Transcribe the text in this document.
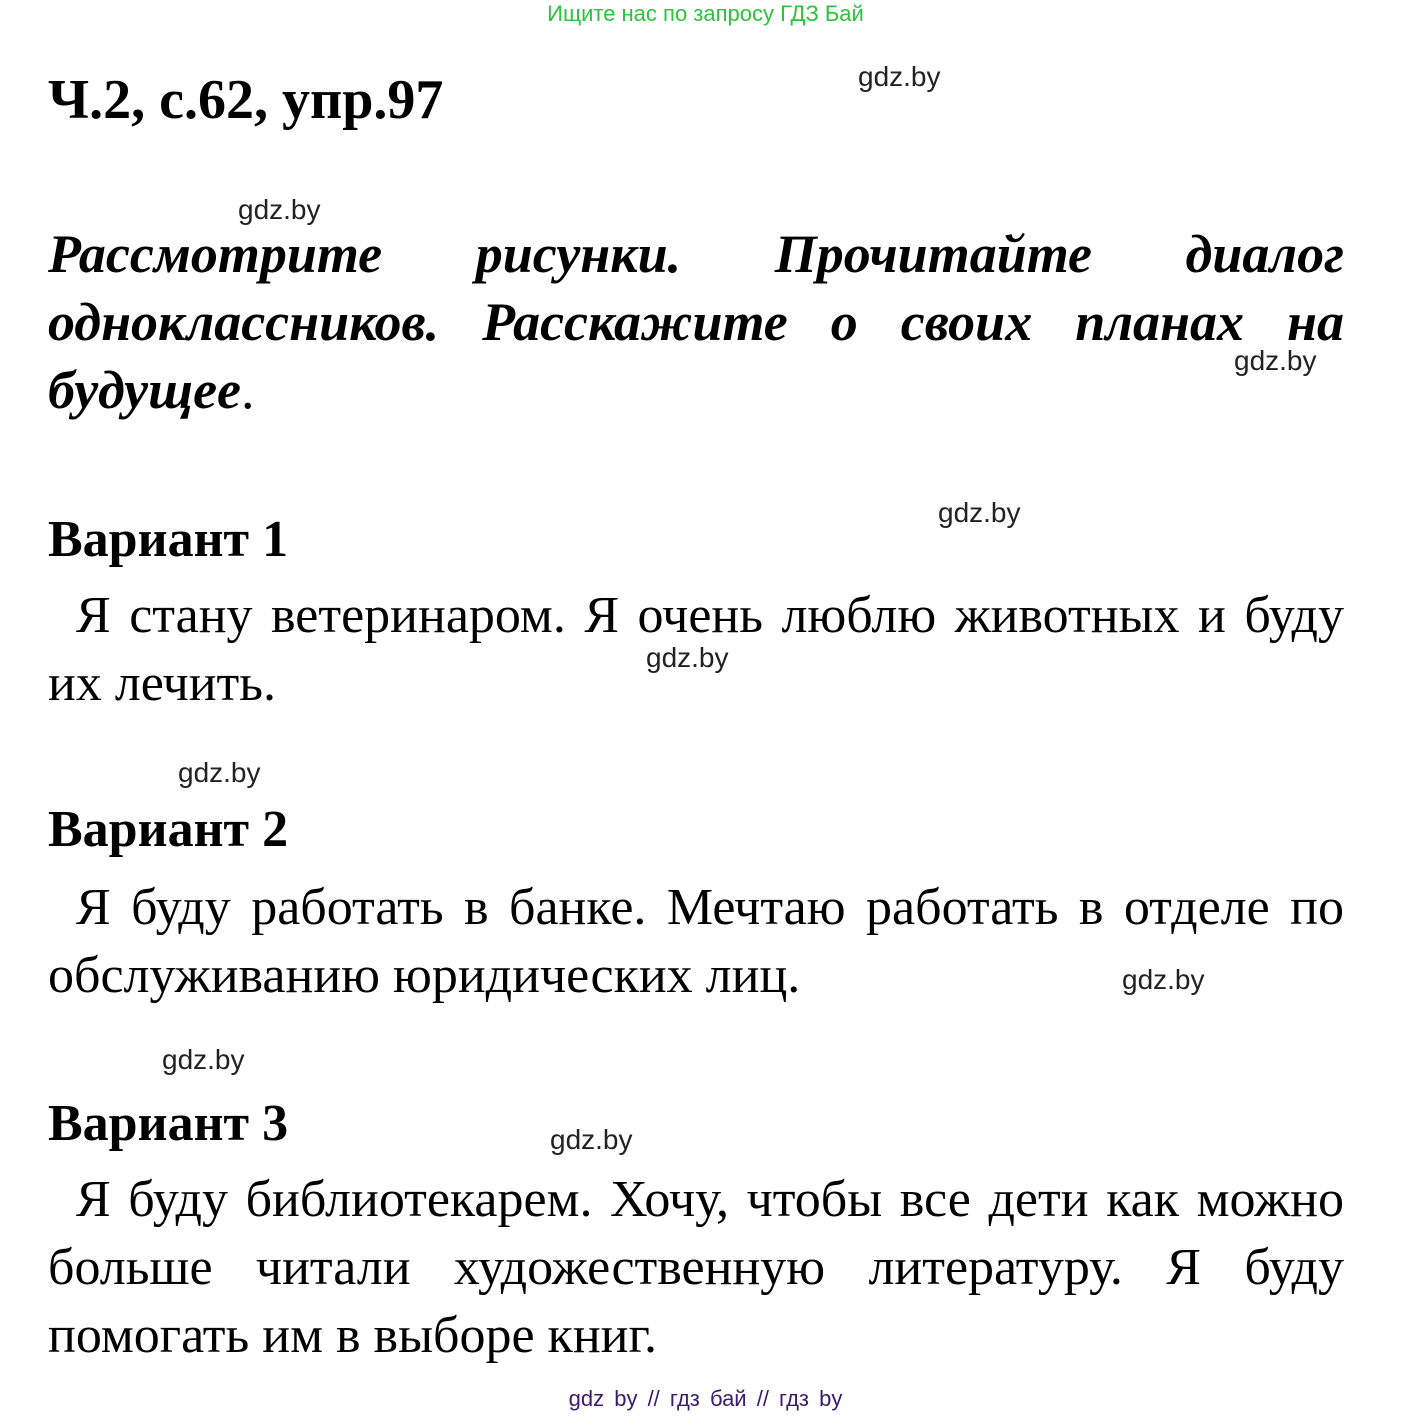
Ищите нас по запросу ГДЗ Бай
Ч.2, с.62, упр.97
Рассмотрите рисунки. Прочитайте диалог одноклассников. Расскажите о своих планах на будущее.
Вариант 1
Я стану ветеринаром. Я очень люблю животных и буду их лечить.
Вариант 2
Я буду работать в банке. Мечтаю работать в отделе по обслуживанию юридических лиц.
Вариант 3
Я буду библиотекарем. Хочу, чтобы все дети как можно больше читали художественную литературу. Я буду помогать им в выборе книг.
gdz.by
gdz.by
gdz.by
gdz.by
gdz.by
gdz.by
gdz.by
gdz.by
gdz.by
gdz by // гдз бай // гдз by
